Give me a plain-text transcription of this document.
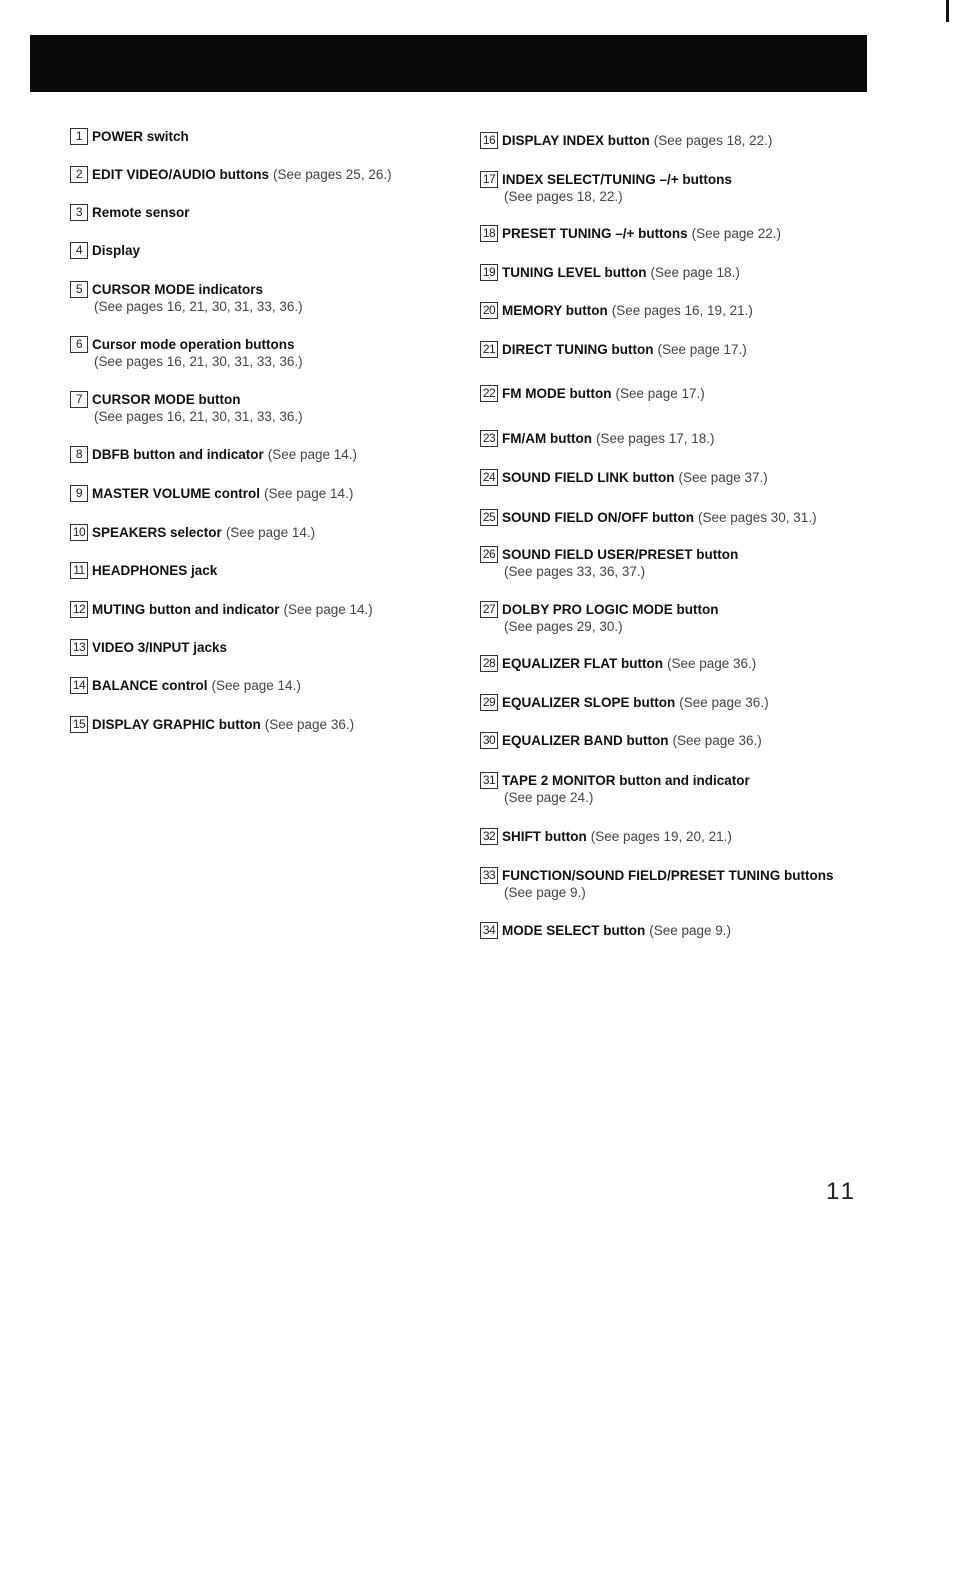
1 POWER switch
2 EDIT VIDEO/AUDIO buttons (See pages 25, 26.)
3 Remote sensor
4 Display
5 CURSOR MODE indicators
(See pages 16, 21, 30, 31, 33, 36.)
6 Cursor mode operation buttons
(See pages 16, 21, 30, 31, 33, 36.)
7 CURSOR MODE button
(See pages 16, 21, 30, 31, 33, 36.)
8 DBFB button and indicator (See page 14.)
9 MASTER VOLUME control (See page 14.)
10 SPEAKERS selector (See page 14.)
11 HEADPHONES jack
12 MUTING button and indicator (See page 14.)
13 VIDEO 3/INPUT jacks
14 BALANCE control (See page 14.)
15 DISPLAY GRAPHIC button (See page 36.)
16 DISPLAY INDEX button (See pages 18, 22.)
17 INDEX SELECT/TUNING –/+ buttons
(See pages 18, 22.)
18 PRESET TUNING –/+ buttons (See page 22.)
19 TUNING LEVEL button (See page 18.)
20 MEMORY button (See pages 16, 19, 21.)
21 DIRECT TUNING button (See page 17.)
22 FM MODE button (See page 17.)
23 FM/AM button (See pages 17, 18.)
24 SOUND FIELD LINK button (See page 37.)
25 SOUND FIELD ON/OFF button (See pages 30, 31.)
26 SOUND FIELD USER/PRESET button
(See pages 33, 36, 37.)
27 DOLBY PRO LOGIC MODE button
(See pages 29, 30.)
28 EQUALIZER FLAT button (See page 36.)
29 EQUALIZER SLOPE button (See page 36.)
30 EQUALIZER BAND button (See page 36.)
31 TAPE 2 MONITOR button and indicator
(See page 24.)
32 SHIFT button (See pages 19, 20, 21.)
33 FUNCTION/SOUND FIELD/PRESET TUNING buttons
(See page 9.)
34 MODE SELECT button (See page 9.)
11
